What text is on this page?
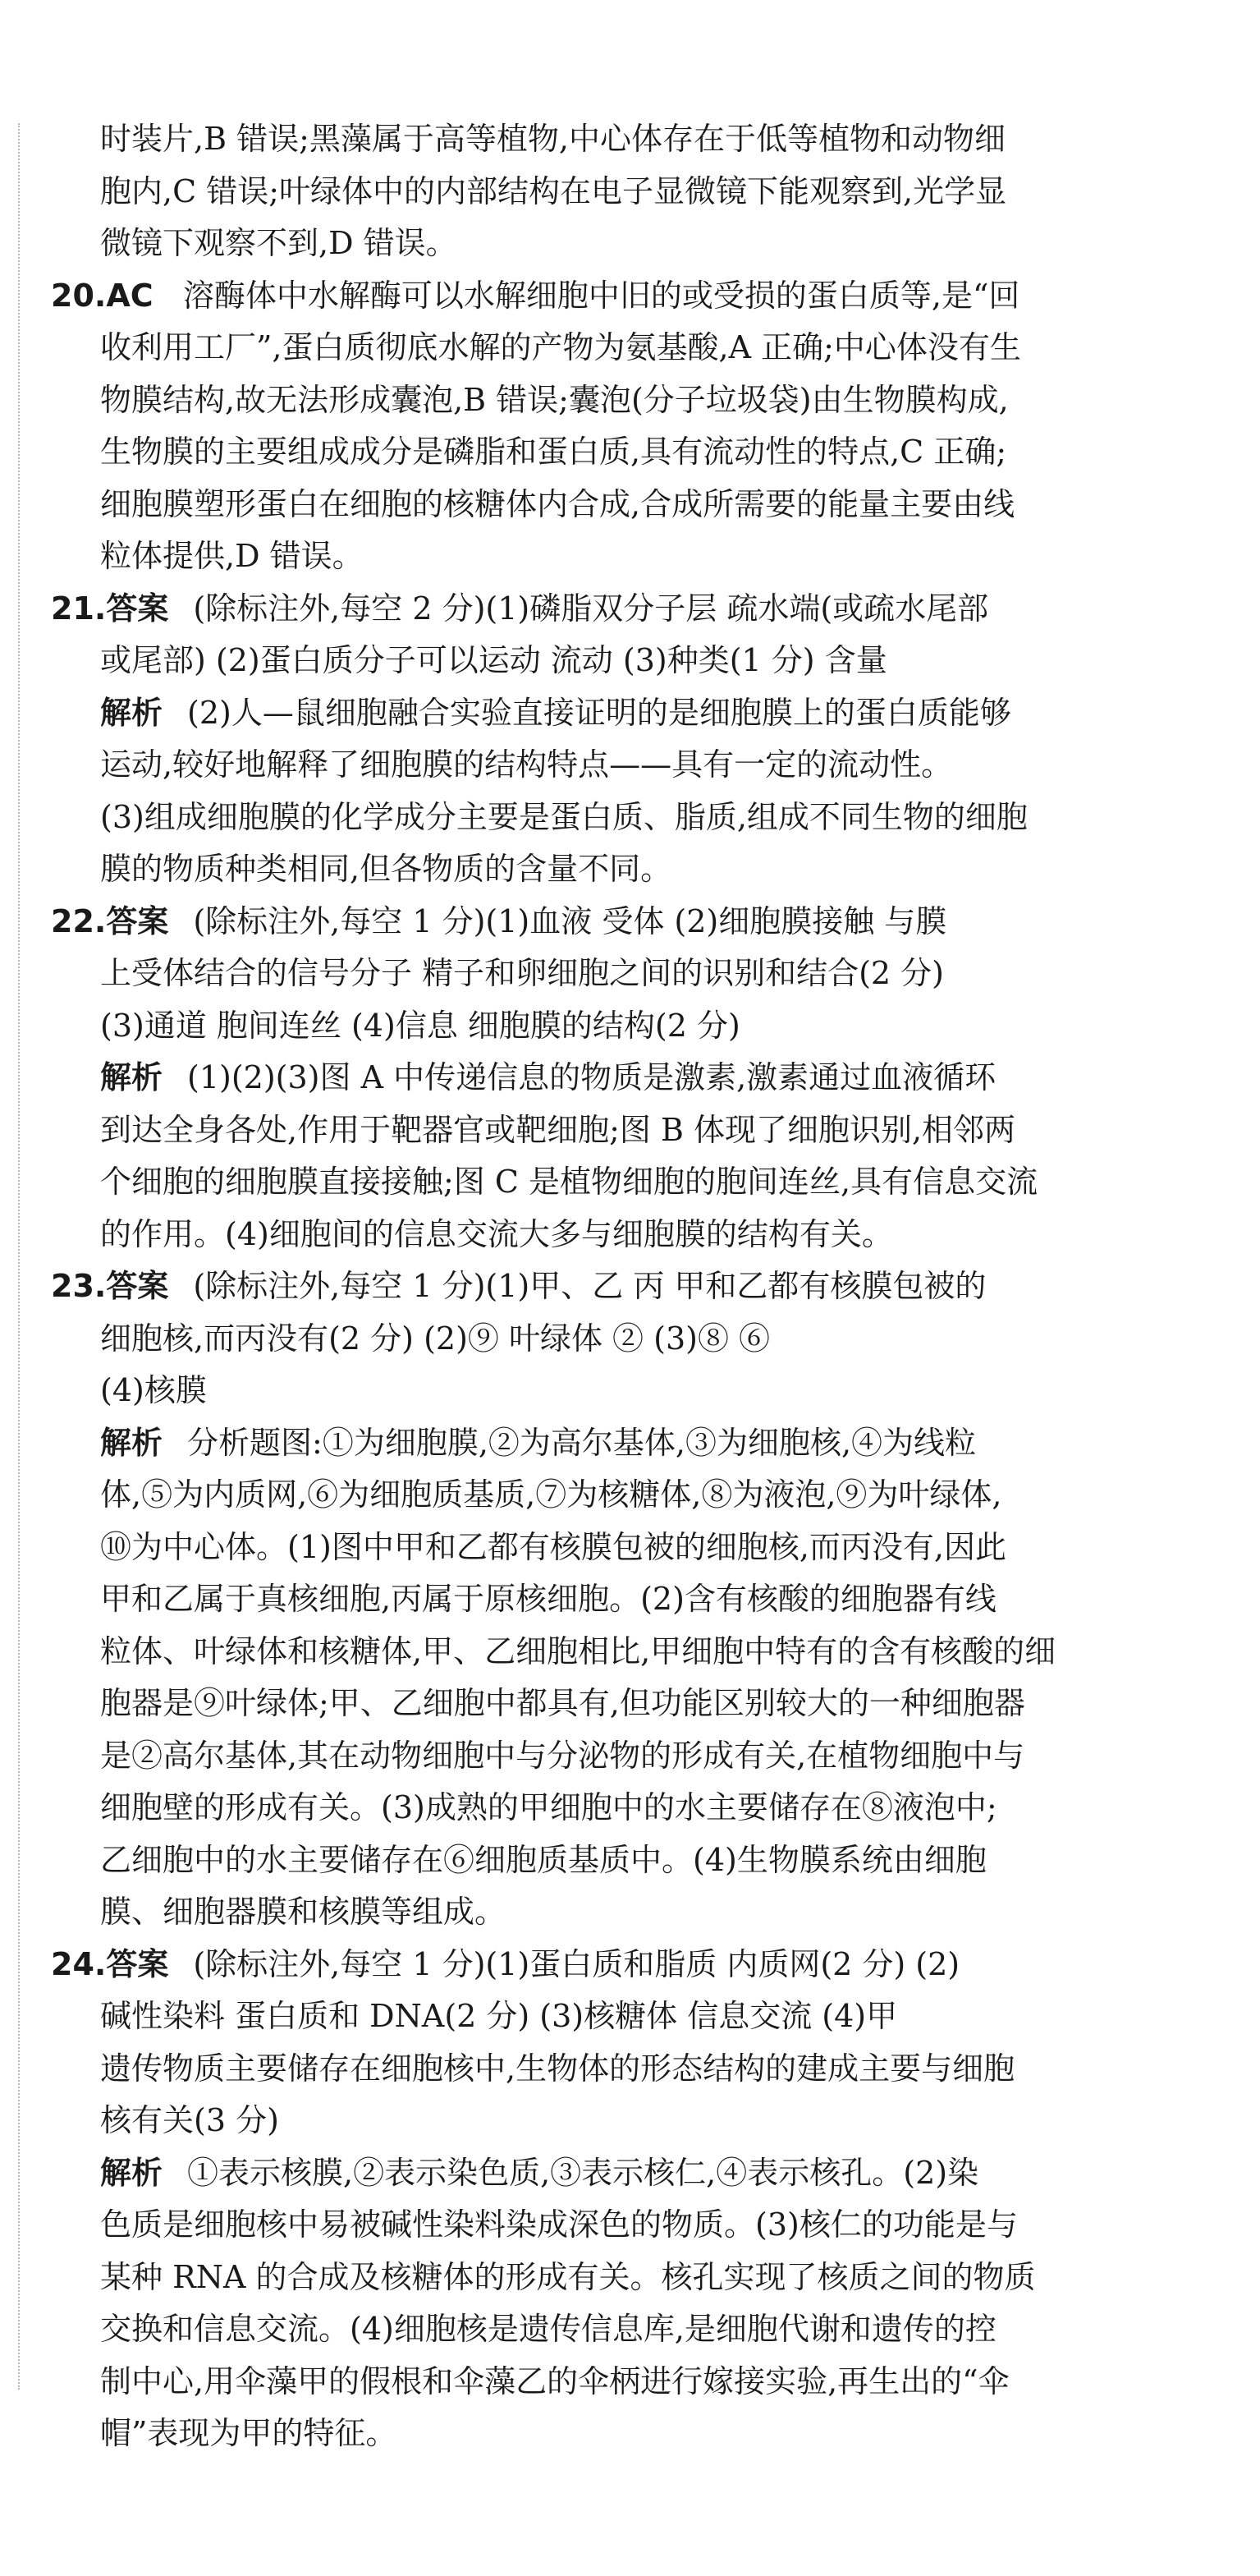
时装片,B 错误;黑藻属于高等植物,中心体存在于低等植物和动物细

胞内,C 错误;叶绿体中的内部结构在电子显微镜下能观察到,光学显

微镜下观察不到,D 错误。

20.AC 溶酶体中水解酶可以水解细胞中旧的或受损的蛋白质等,是“回

收利用工厂”,蛋白质彻底水解的产物为氨基酸,A 正确;中心体没有生

物膜结构,故无法形成囊泡,B 错误;囊泡(分子垃圾袋)由生物膜构成,

生物膜的主要组成成分是磷脂和蛋白质,具有流动性的特点,C 正确;

细胞膜塑形蛋白在细胞的核糖体内合成,合成所需要的能量主要由线

粒体提供,D 错误。

21.答案 (除标注外,每空 2 分)(1)磷脂双分子层 疏水端(或疏水尾部

或尾部) (2)蛋白质分子可以运动 流动 (3)种类(1 分) 含量

解析 (2)人—鼠细胞融合实验直接证明的是细胞膜上的蛋白质能够

运动,较好地解释了细胞膜的结构特点——具有一定的流动性。

(3)组成细胞膜的化学成分主要是蛋白质、脂质,组成不同生物的细胞

膜的物质种类相同,但各物质的含量不同。

22.答案 (除标注外,每空 1 分)(1)血液 受体 (2)细胞膜接触 与膜

上受体结合的信号分子 精子和卵细胞之间的识别和结合(2 分)

(3)通道 胞间连丝 (4)信息 细胞膜的结构(2 分)

解析 (1)(2)(3)图 A 中传递信息的物质是激素,激素通过血液循环

到达全身各处,作用于靶器官或靶细胞;图 B 体现了细胞识别,相邻两

个细胞的细胞膜直接接触;图 C 是植物细胞的胞间连丝,具有信息交流

的作用。(4)细胞间的信息交流大多与细胞膜的结构有关。

23.答案 (除标注外,每空 1 分)(1)甲、乙 丙 甲和乙都有核膜包被的

细胞核,而丙没有(2 分) (2)⑨ 叶绿体 ② (3)⑧ ⑥

(4)核膜

解析 分析题图:①为细胞膜,②为高尔基体,③为细胞核,④为线粒

体,⑤为内质网,⑥为细胞质基质,⑦为核糖体,⑧为液泡,⑨为叶绿体,

⑩为中心体。(1)图中甲和乙都有核膜包被的细胞核,而丙没有,因此

甲和乙属于真核细胞,丙属于原核细胞。(2)含有核酸的细胞器有线

粒体、叶绿体和核糖体,甲、乙细胞相比,甲细胞中特有的含有核酸的细

胞器是⑨叶绿体;甲、乙细胞中都具有,但功能区别较大的一种细胞器

是②高尔基体,其在动物细胞中与分泌物的形成有关,在植物细胞中与

细胞壁的形成有关。(3)成熟的甲细胞中的水主要储存在⑧液泡中;

乙细胞中的水主要储存在⑥细胞质基质中。(4)生物膜系统由细胞

膜、细胞器膜和核膜等组成。

24.答案 (除标注外,每空 1 分)(1)蛋白质和脂质 内质网(2 分) (2)

碱性染料 蛋白质和 DNA(2 分) (3)核糖体 信息交流 (4)甲

遗传物质主要储存在细胞核中,生物体的形态结构的建成主要与细胞

核有关(3 分)

解析 ①表示核膜,②表示染色质,③表示核仁,④表示核孔。(2)染

色质是细胞核中易被碱性染料染成深色的物质。(3)核仁的功能是与

某种 RNA 的合成及核糖体的形成有关。核孔实现了核质之间的物质

交换和信息交流。(4)细胞核是遗传信息库,是细胞代谢和遗传的控

制中心,用伞藻甲的假根和伞藻乙的伞柄进行嫁接实验,再生出的“伞

帽”表现为甲的特征。
